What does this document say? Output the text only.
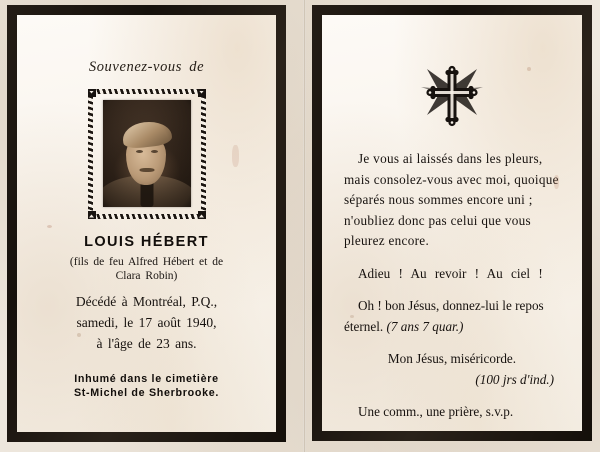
Souvenez-vous de
LOUIS HÉBERT
(fils de feu Alfred Hébert et de
Clara Robin)
Décédé à Montréal, P.Q.,
samedi, le 17 août 1940,
à l'âge de 23 ans.
Inhumé dans le cimetière
St-Michel de Sherbrooke.

Je vous ai laissés dans les pleurs, mais consolez-vous avec moi, quoique séparés nous sommes encore uni ; n'oubliez donc pas celui que vous pleurez encore.

Adieu ! Au revoir ! Au ciel !

Oh ! bon Jésus, donnez-lui le repos éternel. (7 ans 7 quar.)

Mon Jésus, miséricorde.
(100 jrs d'ind.)

Une comm., une prière, s.v.p.
